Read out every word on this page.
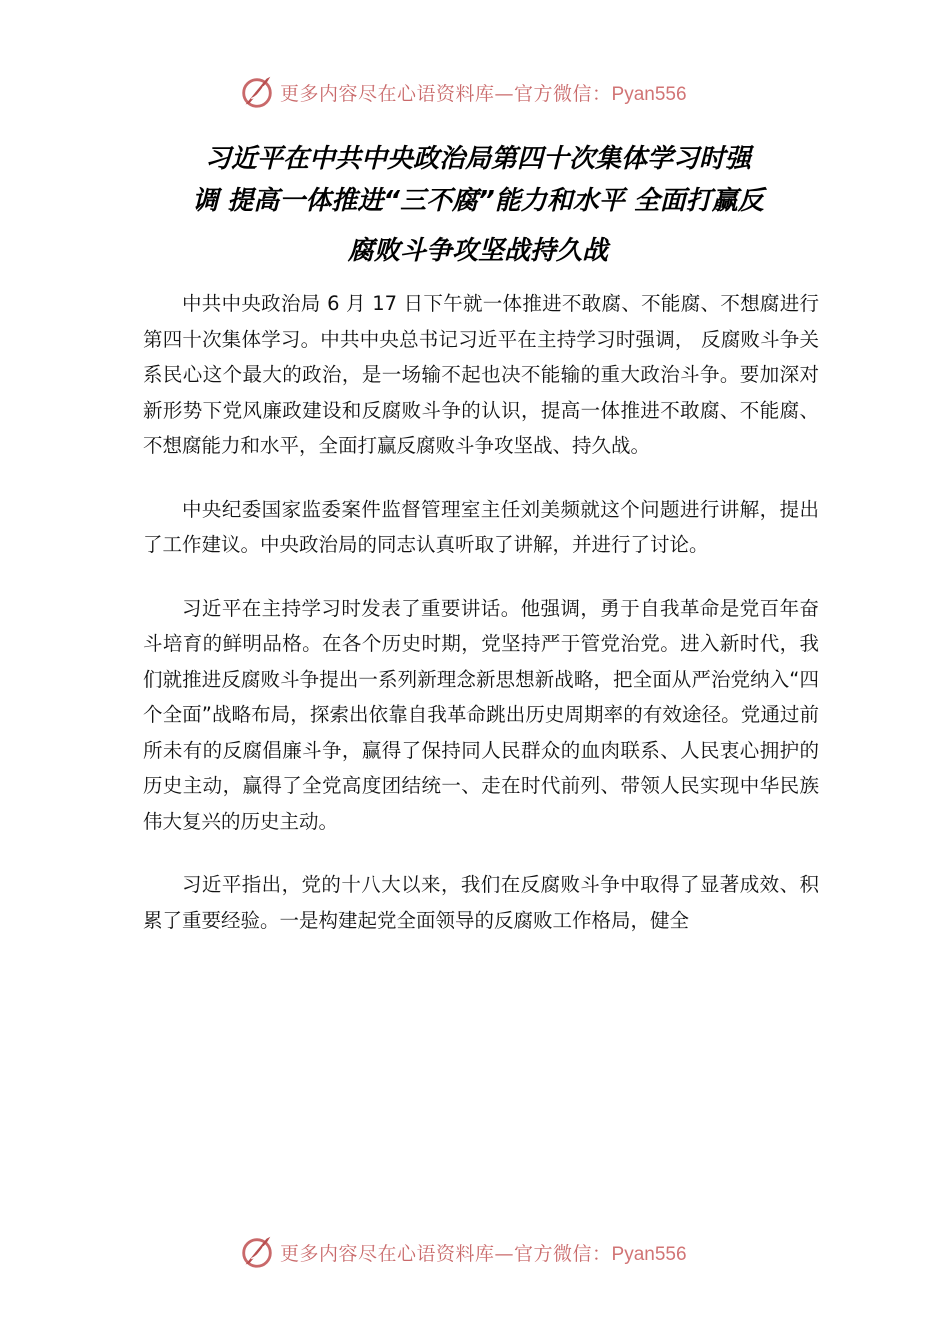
更多内容尽在心语资料库—官方微信：Pyan556
习近平在中共中央政治局第四十次集体学习时强
调 提高一体推进“三不腐”能力和水平 全面打赢反
腐败斗争攻坚战持久战

中共中央政治局 6 月 17 日下午就一体推进不敢腐、不能腐、不想腐进行第四十次集体学习。中共中央总书记习近平在主持学习时强调， 反腐败斗争关系民心这个最大的政治，是一场输不起也决不能输的重大政治斗争。要加深对新形势下党风廉政建设和反腐败斗争的认识，提高一体推进不敢腐、不能腐、不想腐能力和水平，全面打赢反腐败斗争攻坚战、持久战。

中央纪委国家监委案件监督管理室主任刘美频就这个问题进行讲解，提出了工作建议。中央政治局的同志认真听取了讲解，并进行了讨论。

习近平在主持学习时发表了重要讲话。他强调，勇于自我革命是党百年奋斗培育的鲜明品格。在各个历史时期，党坚持严于管党治党。进入新时代，我们就推进反腐败斗争提出一系列新理念新思想新战略，把全面从严治党纳入“四个全面”战略布局，探索出依靠自我革命跳出历史周期率的有效途径。党通过前所未有的反腐倡廉斗争，赢得了保持同人民群众的血肉联系、人民衷心拥护的历史主动，赢得了全党高度团结统一、走在时代前列、带领人民实现中华民族伟大复兴的历史主动。

习近平指出，党的十八大以来，我们在反腐败斗争中取得了显著成效、积累了重要经验。一是构建起党全面领导的反腐败工作格局，健全

更多内容尽在心语资料库—官方微信：Pyan556
